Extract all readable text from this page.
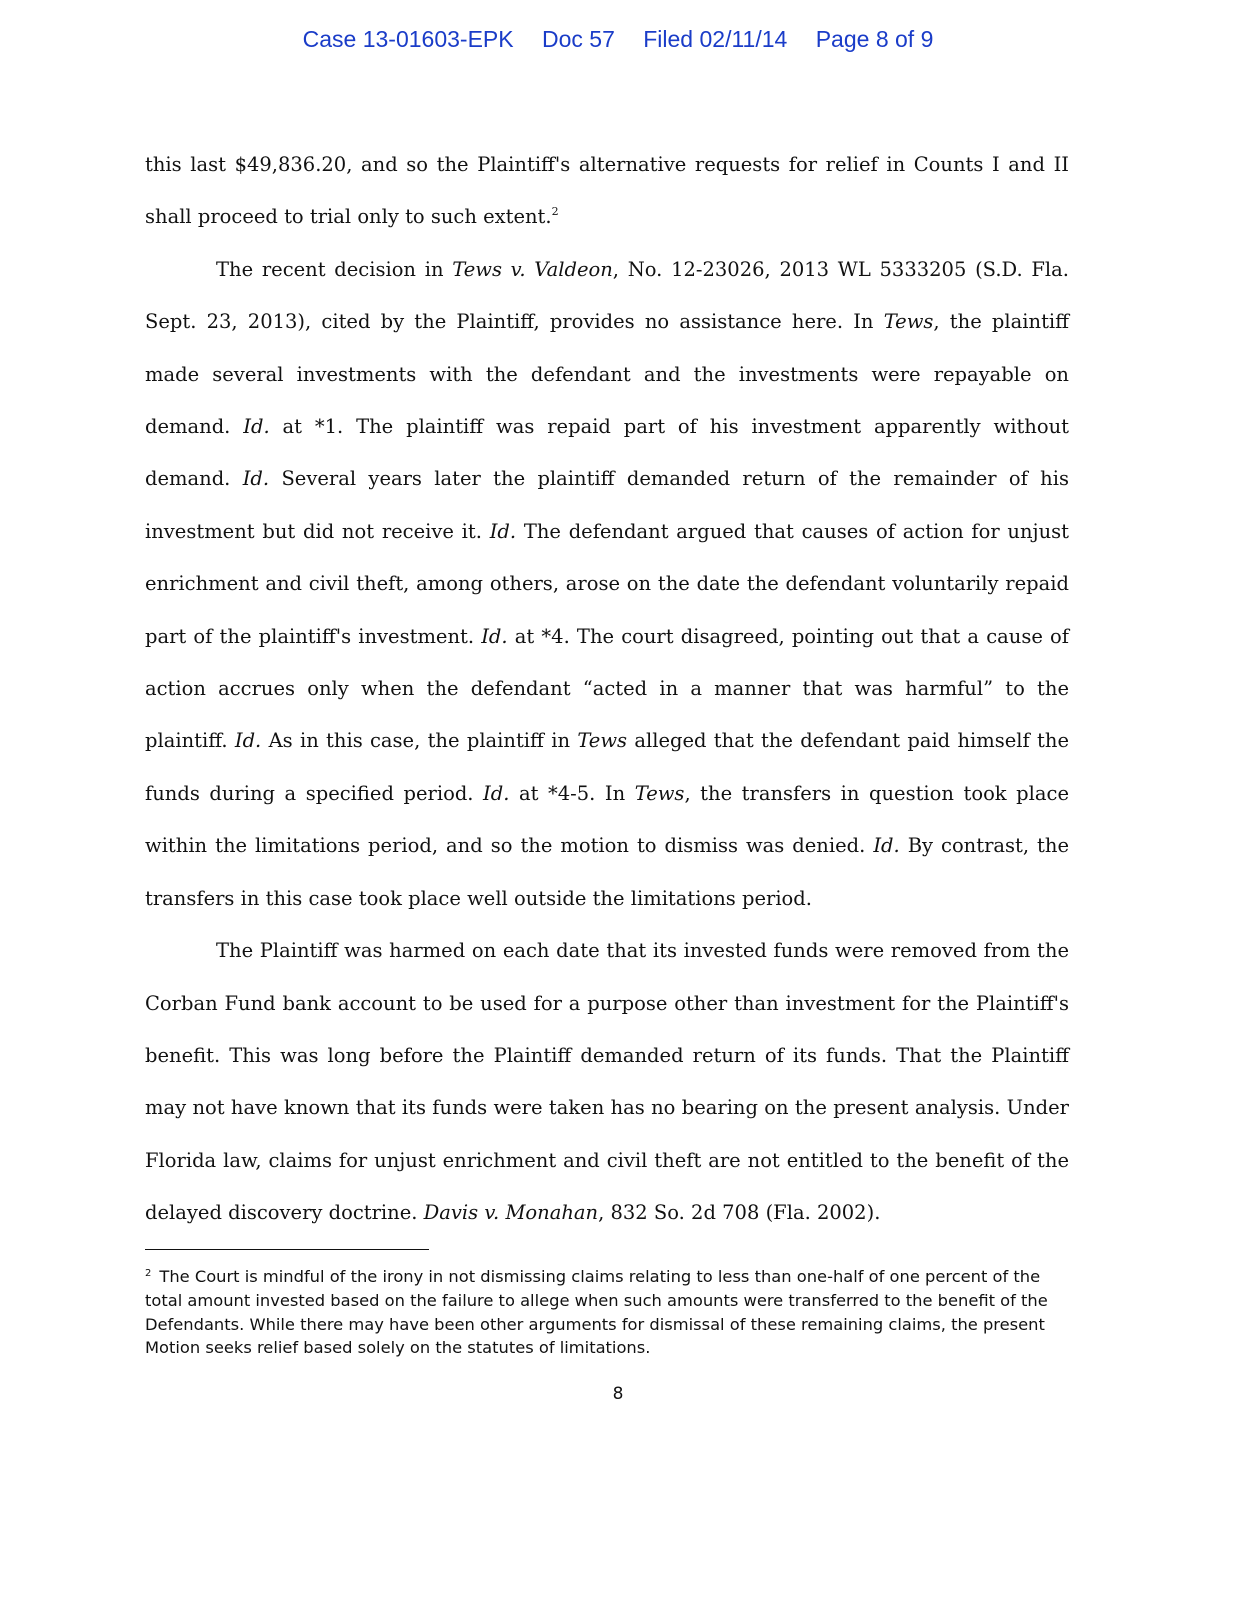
Case 13-01603-EPK Doc 57 Filed 02/11/14 Page 8 of 9

this last $49,836.20, and so the Plaintiff's alternative requests for relief in Counts I and II shall proceed to trial only to such extent.$^2$

The recent decision in Tews v. Valdeon, No. 12-23026, 2013 WL 5333205 (S.D. Fla. Sept. 23, 2013), cited by the Plaintiff, provides no assistance here. In Tews, the plaintiff made several investments with the defendant and the investments were repayable on demand. Id. at *1. The plaintiff was repaid part of his investment apparently without demand. Id. Several years later the plaintiff demanded return of the remainder of his investment but did not receive it. Id. The defendant argued that causes of action for unjust enrichment and civil theft, among others, arose on the date the defendant voluntarily repaid part of the plaintiff's investment. Id. at *4. The court disagreed, pointing out that a cause of action accrues only when the defendant “acted in a manner that was harmful” to the plaintiff. Id. As in this case, the plaintiff in Tews alleged that the defendant paid himself the funds during a specified period. Id. at *4-5. In Tews, the transfers in question took place within the limitations period, and so the motion to dismiss was denied. Id. By contrast, the transfers in this case took place well outside the limitations period.

The Plaintiff was harmed on each date that its invested funds were removed from the Corban Fund bank account to be used for a purpose other than investment for the Plaintiff's benefit. This was long before the Plaintiff demanded return of its funds. That the Plaintiff may not have known that its funds were taken has no bearing on the present analysis. Under Florida law, claims for unjust enrichment and civil theft are not entitled to the benefit of the delayed discovery doctrine. Davis v. Monahan, 832 So. 2d 708 (Fla. 2002).

$^2$ The Court is mindful of the irony in not dismissing claims relating to less than one-half of one percent of the total amount invested based on the failure to allege when such amounts were transferred to the benefit of the Defendants. While there may have been other arguments for dismissal of these remaining claims, the present Motion seeks relief based solely on the statutes of limitations.

8
